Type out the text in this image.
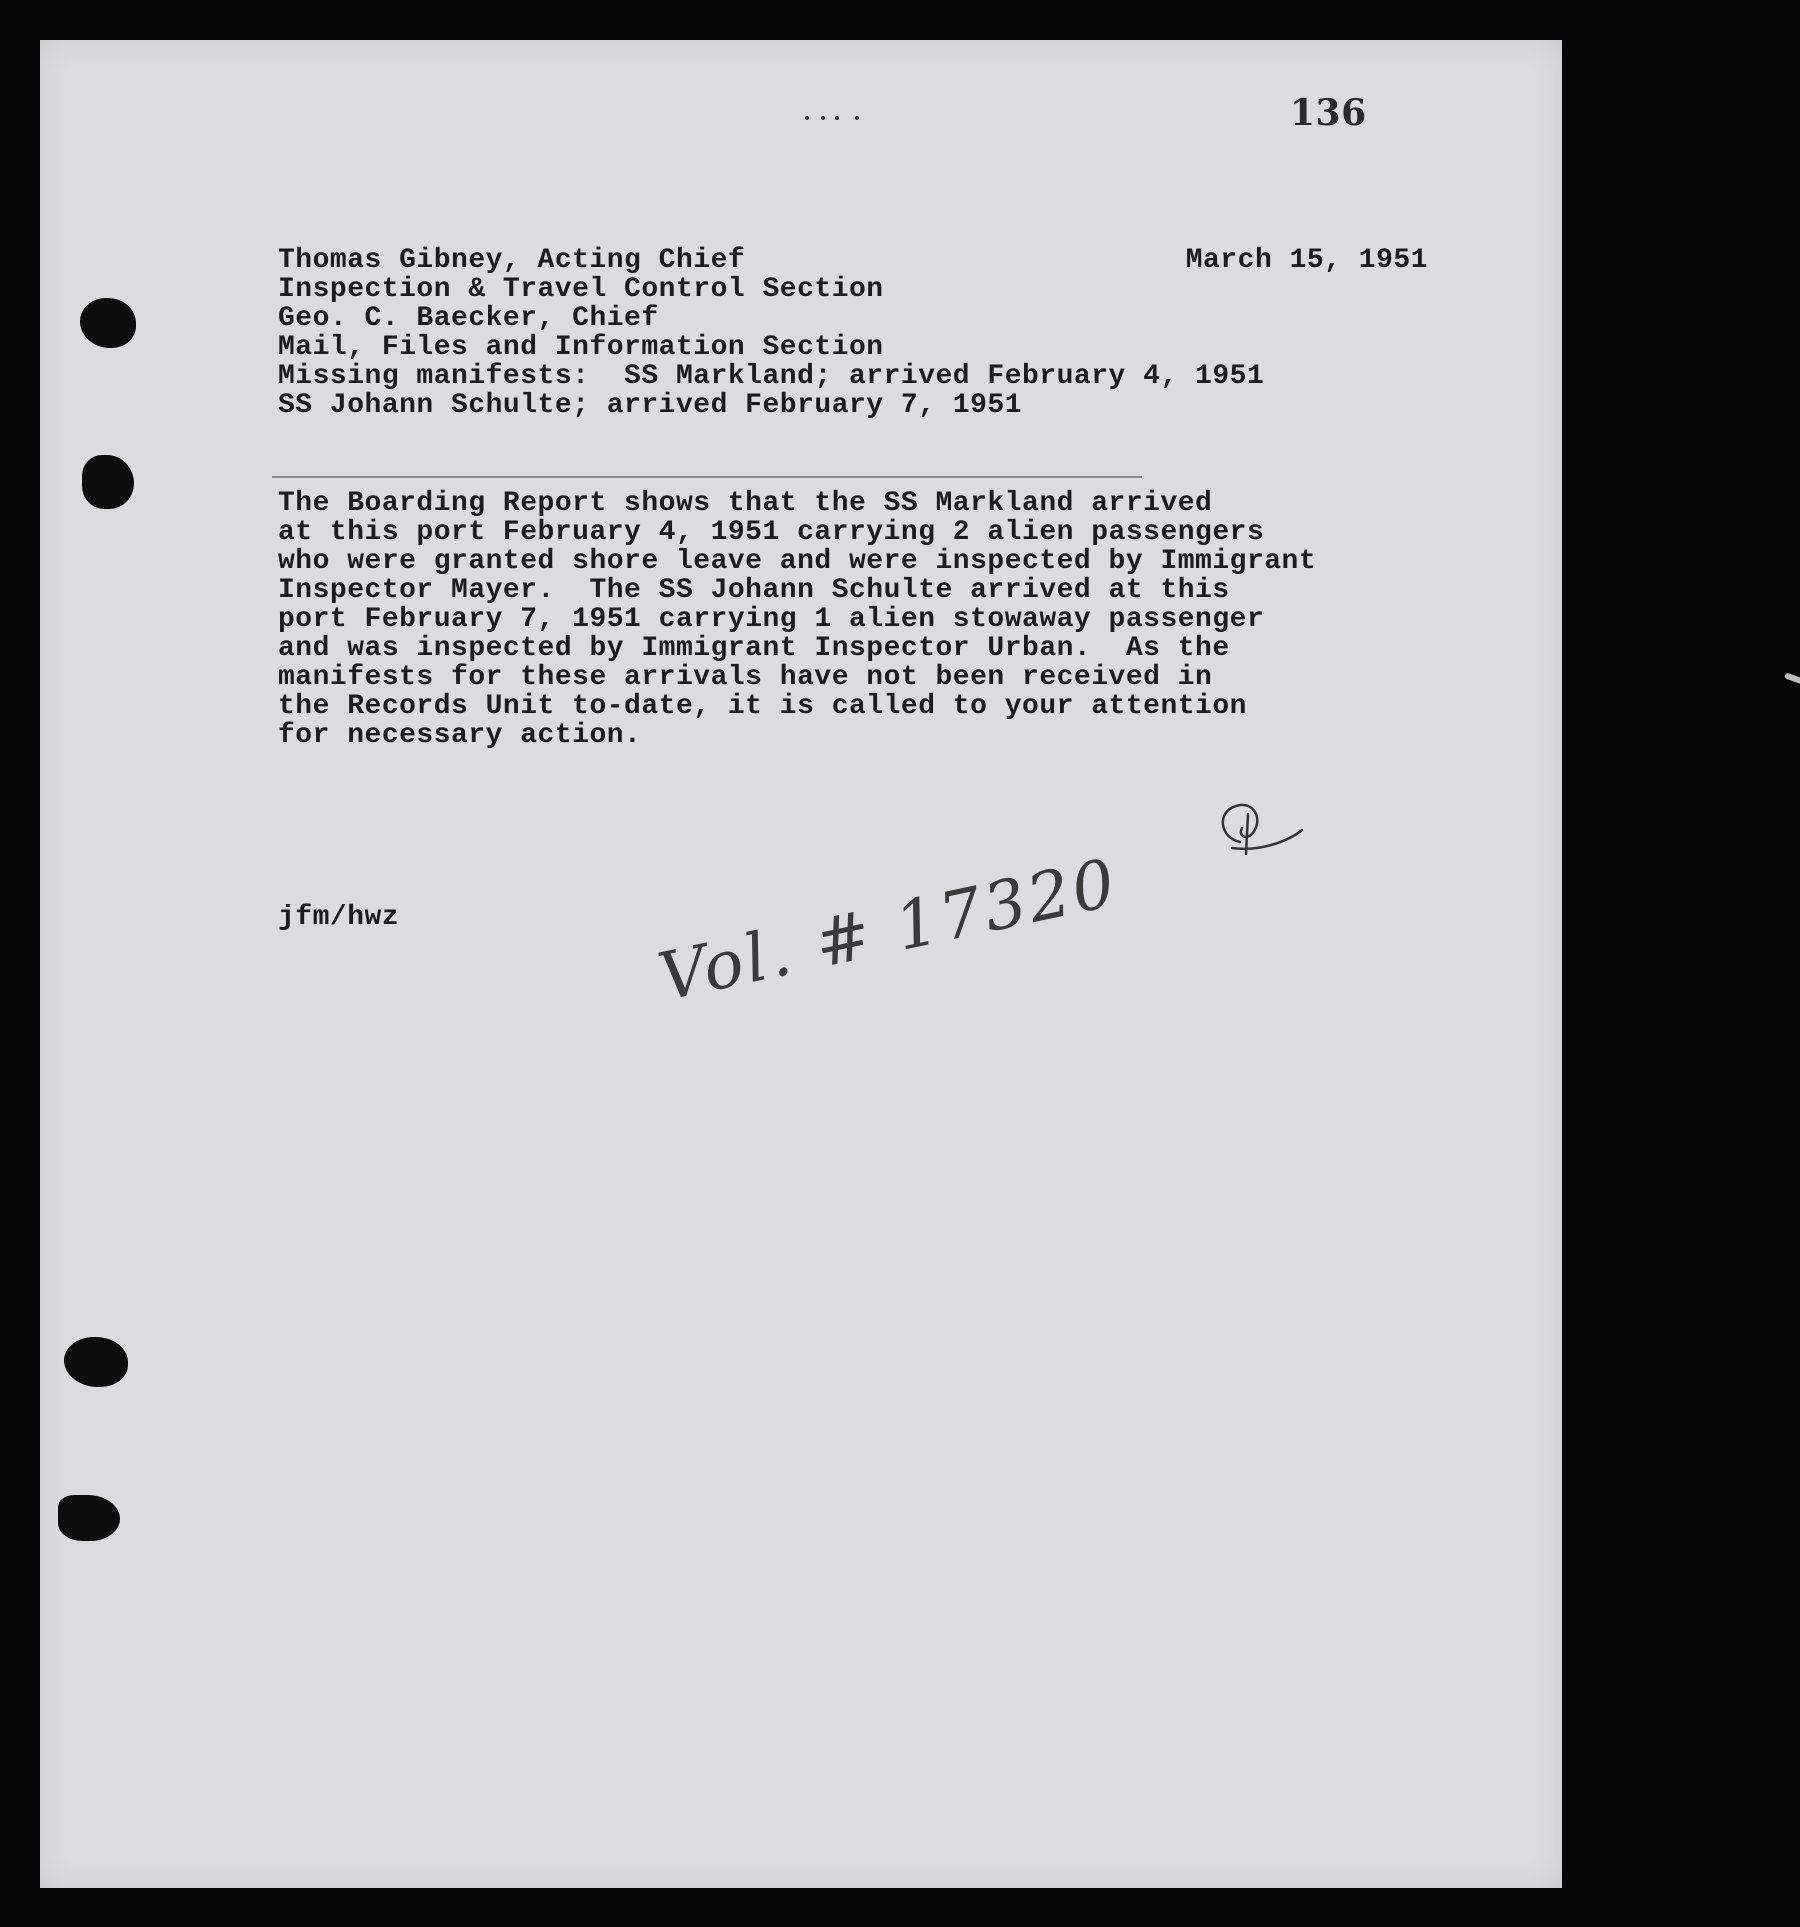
136

Thomas Gibney, Acting Chief	March 15, 1951

Inspection & Travel Control Section

Geo. C. Baecker, Chief

Mail, Files and Information Section

Missing manifests:  SS Markland; arrived February 4, 1951

SS Johann Schulte; arrived February 7, 1951

The Boarding Report shows that the SS Markland arrived

at this port February 4, 1951 carrying 2 alien passengers

who were granted shore leave and were inspected by Immigrant

Inspector Mayer.  The SS Johann Schulte arrived at this

port February 7, 1951 carrying 1 alien stowaway passenger

and was inspected by Immigrant Inspector Urban.  As the

manifests for these arrivals have not been received in

the Records Unit to-date, it is called to your attention

for necessary action.

jfm/hwz	Vol. # 17320
